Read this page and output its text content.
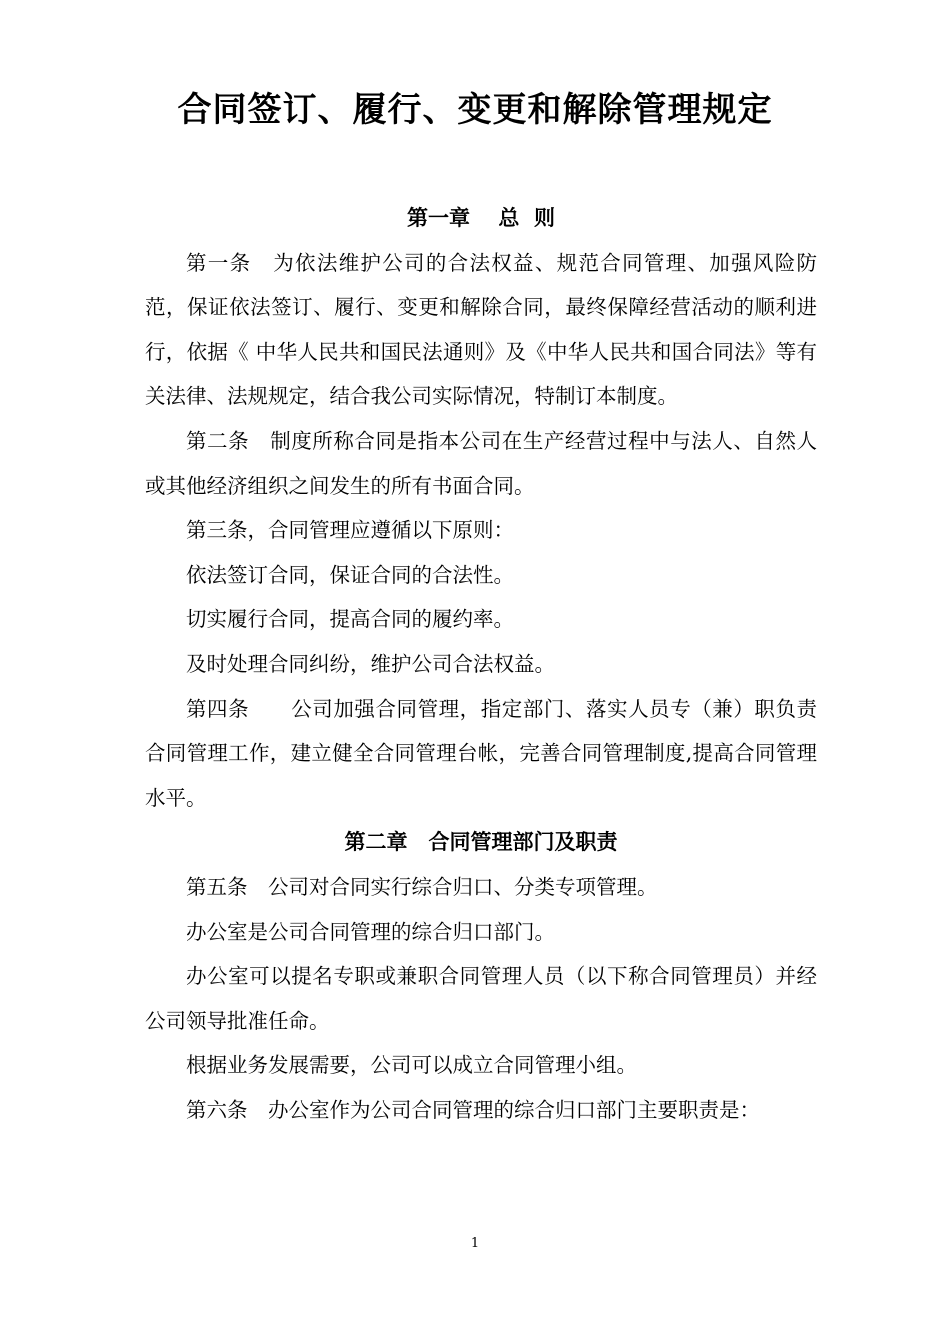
合同签订、履行、变更和解除管理规定
第一章　 总  则

第一条　为依法维护公司的合法权益、规范合同管理、加强风险防范，保证依法签订、履行、变更和解除合同，最终保障经营活动的顺利进行，依据《 中华人民共和国民法通则》及《中华人民共和国合同法》等有关法律、法规规定，结合我公司实际情况，特制订本制度。

第二条　制度所称合同是指本公司在生产经营过程中与法人、自然人或其他经济组织之间发生的所有书面合同。

第三条，合同管理应遵循以下原则：

依法签订合同，保证合同的合法性。

切实履行合同，提高合同的履约率。

及时处理合同纠纷，维护公司合法权益。

第四条　　公司加强合同管理，指定部门、落实人员专（兼）职负责合同管理工作，建立健全合同管理台帐，完善合同管理制度,提高合同管理水平。

第二章　合同管理部门及职责

第五条　公司对合同实行综合归口、分类专项管理。

办公室是公司合同管理的综合归口部门。

办公室可以提名专职或兼职合同管理人员（以下称合同管理员）并经公司领导批准任命。

根据业务发展需要，公司可以成立合同管理小组。

第六条　办公室作为公司合同管理的综合归口部门主要职责是：

1
